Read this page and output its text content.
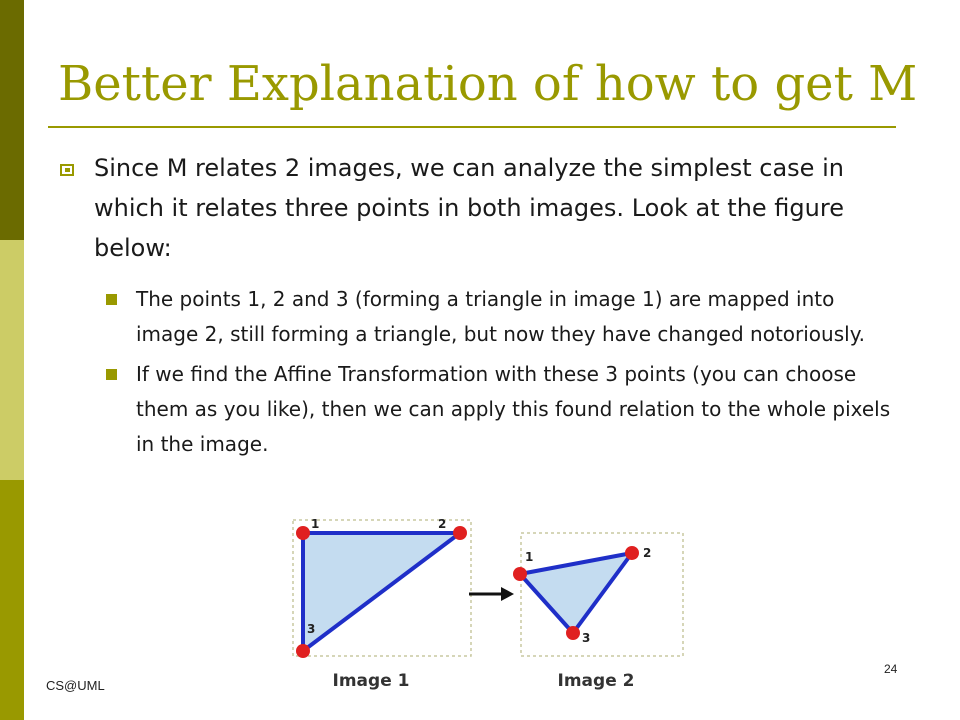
Better Explanation of how to get M
Since M relates 2 images, we can analyze the simplest case in which it relates three points in both images. Look at the figure below:
The points 1, 2 and 3 (forming a triangle in image 1) are mapped into image 2, still forming a triangle, but now they have changed notoriously.
If we find the Affine Transformation with these 3 points (you can choose them as you like), then we can apply this found relation to the whole pixels in the image.
1	2
3
Image 1
1	2
3
Image 2
CS@UML
24
